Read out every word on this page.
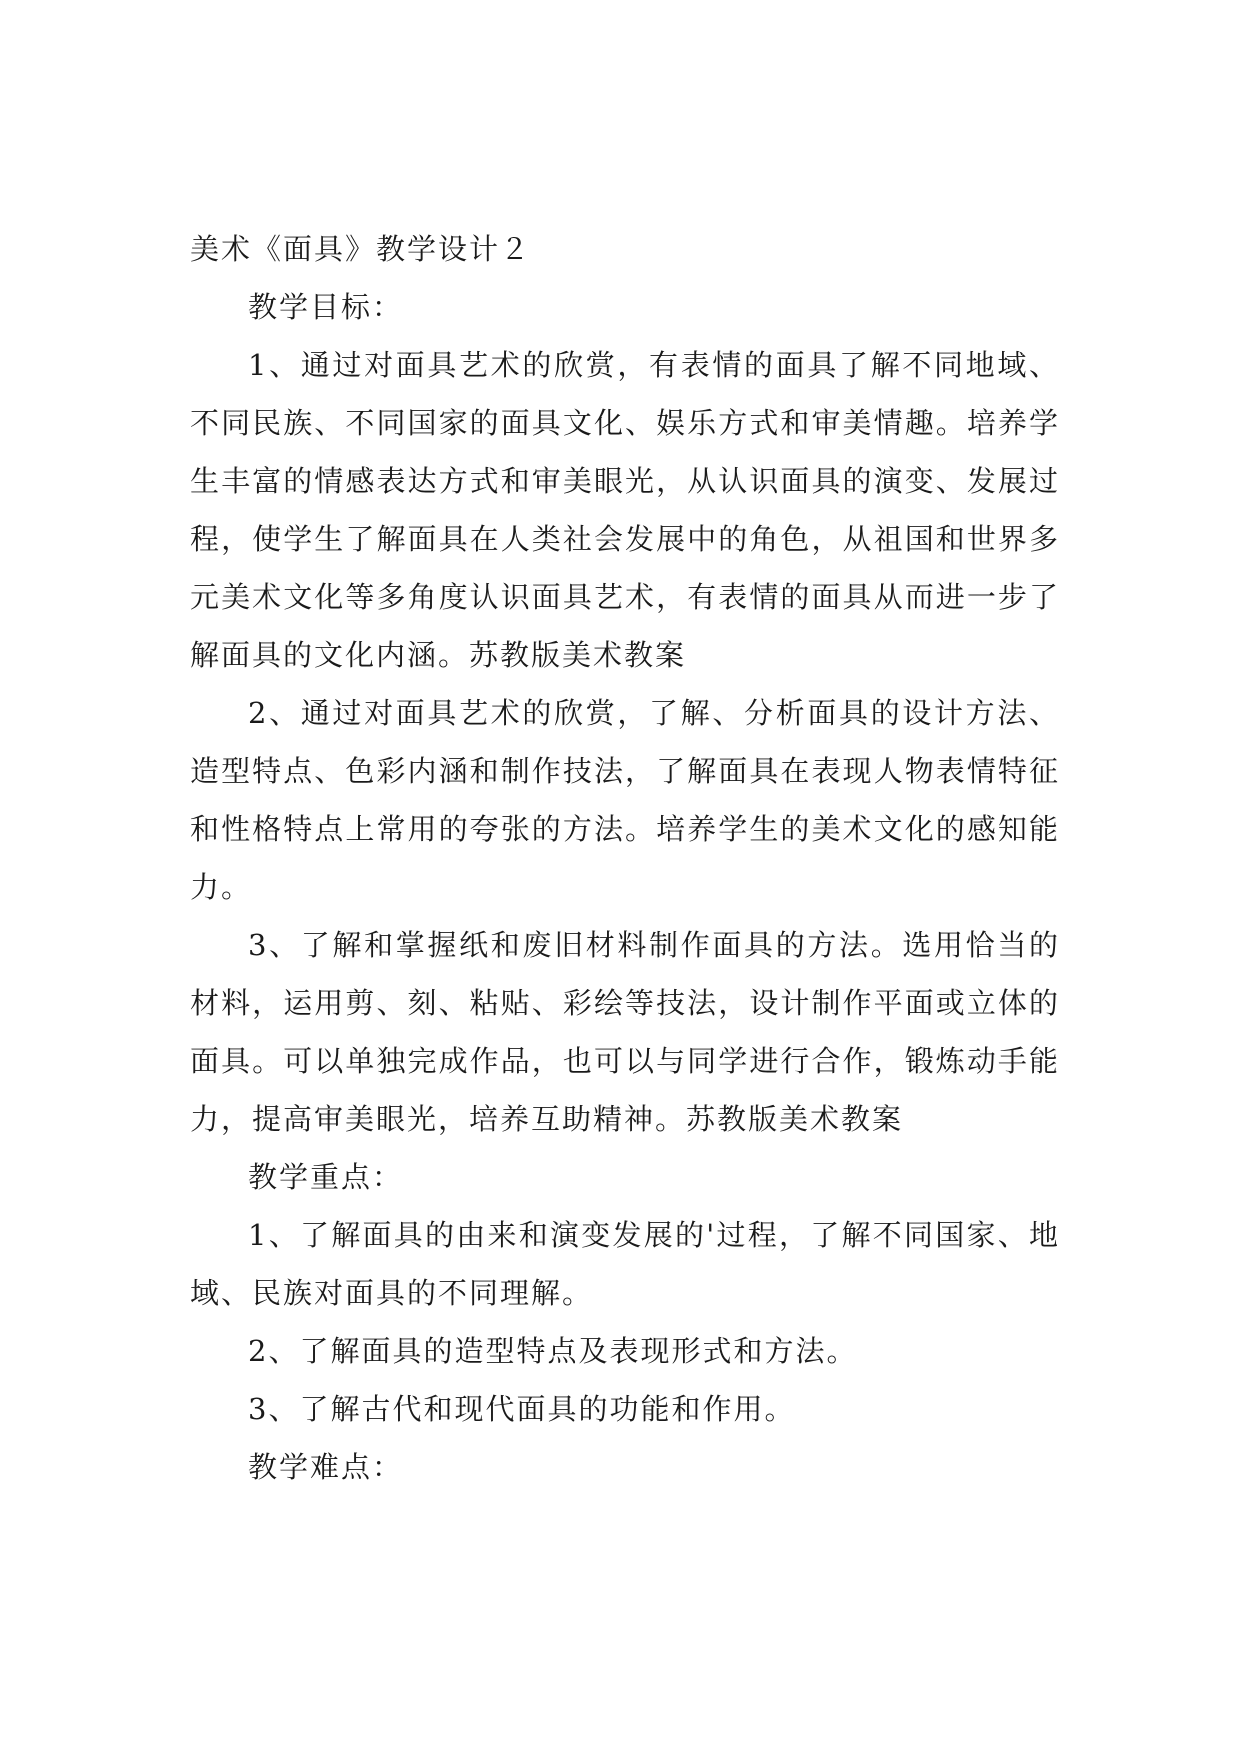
美术《面具》教学设计２

教学目标：

1、通过对面具艺术的欣赏，有表情的面具了解不同地域、不同民族、不同国家的面具文化、娱乐方式和审美情趣。培养学生丰富的情感表达方式和审美眼光，从认识面具的演变、发展过程，使学生了解面具在人类社会发展中的角色，从祖国和世界多元美术文化等多角度认识面具艺术，有表情的面具从而进一步了解面具的文化内涵。苏教版美术教案

2、通过对面具艺术的欣赏，了解、分析面具的设计方法、造型特点、色彩内涵和制作技法，了解面具在表现人物表情特征和性格特点上常用的夸张的方法。培养学生的美术文化的感知能力。

3、了解和掌握纸和废旧材料制作面具的方法。选用恰当的材料，运用剪、刻、粘贴、彩绘等技法，设计制作平面或立体的面具。可以单独完成作品，也可以与同学进行合作，锻炼动手能力，提高审美眼光，培养互助精神。苏教版美术教案

教学重点：

1、了解面具的由来和演变发展的'过程，了解不同国家、地域、民族对面具的不同理解。

2、了解面具的造型特点及表现形式和方法。

3、了解古代和现代面具的功能和作用。

教学难点：
